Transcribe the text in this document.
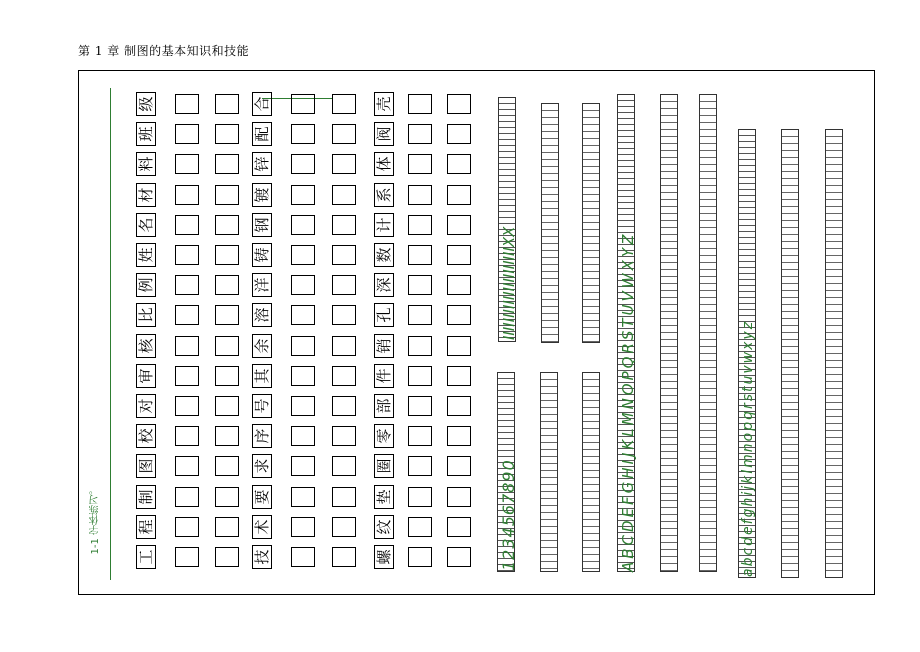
第 1 章 制图的基本知识和技能
1-1 字体练习。
工
程
制
图
校
对
审
核
比
例
姓
名
材
料
班
级
技
术
要
求
序
号
其
余
溶
洋
铸
钢
镀
锌
配
合
螺
纹
垫
圈
零
部
件
销
孔
深
数
计
系
体
阀
壳
IIIIIIIIIIIIIIIIIIIIIXX
ABCDEFGHIJKLMNOPQRSTUVWXYZ
1234567890	abcdefghijklmnopqrstuvwxyz
